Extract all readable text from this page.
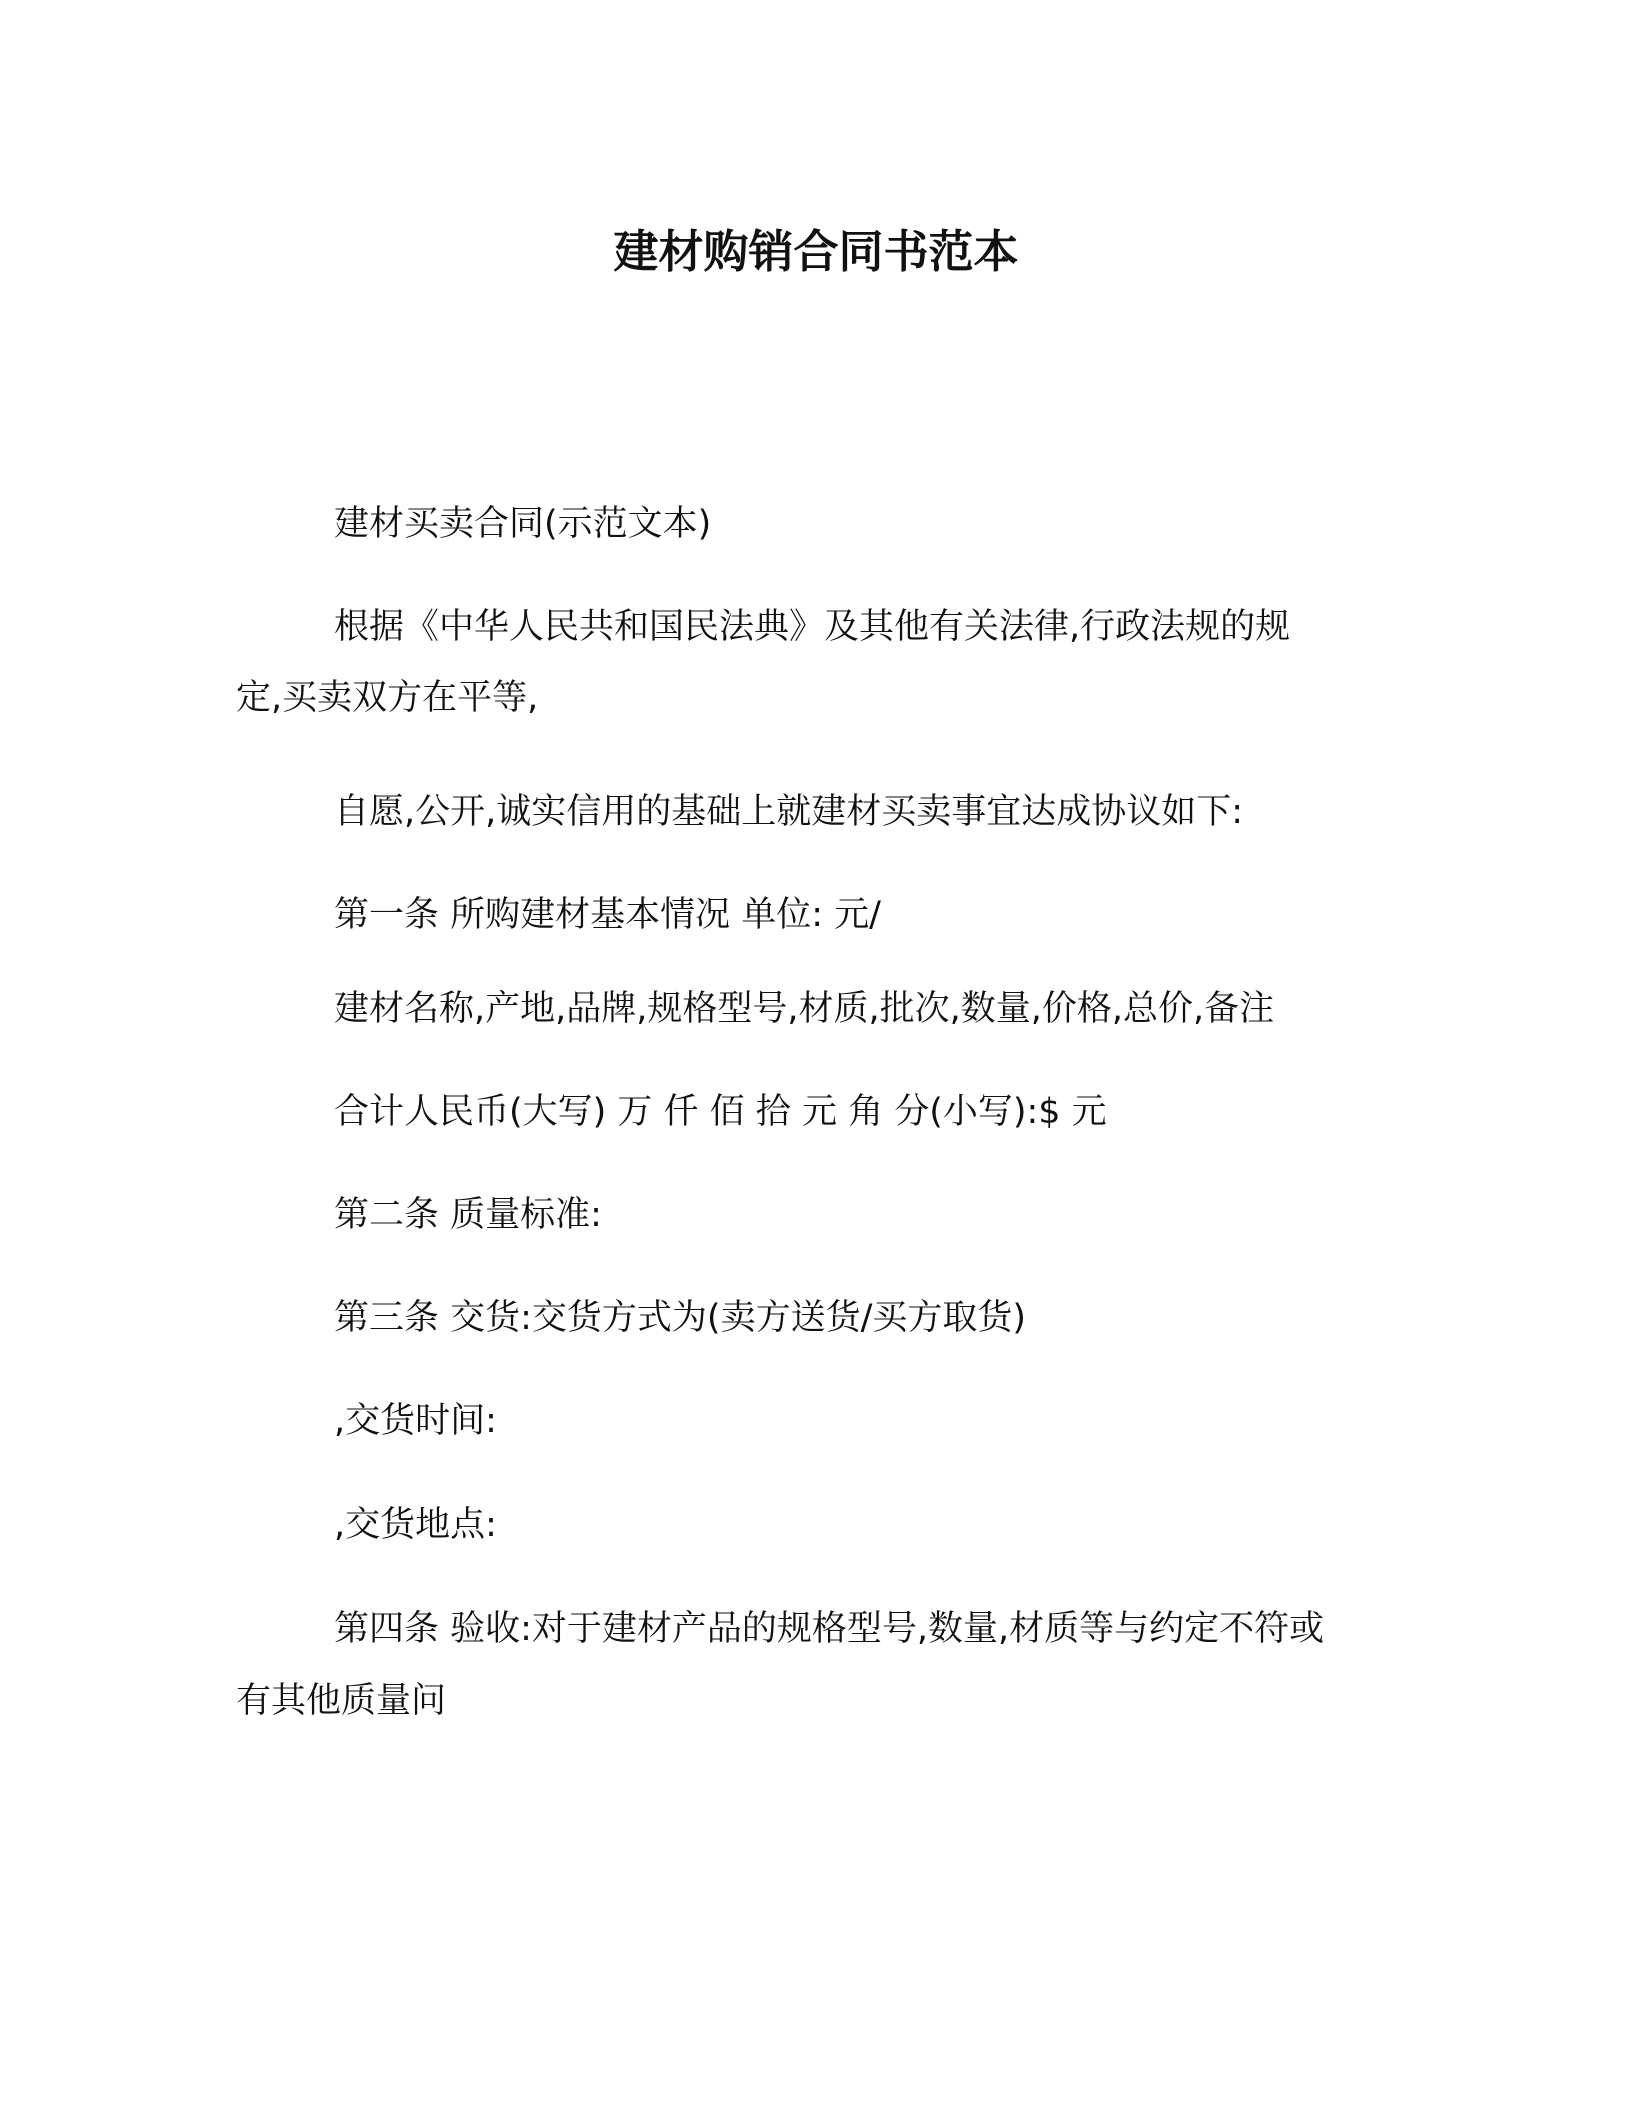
建材购销合同书范本
建材买卖合同(示范文本)
根据《中华人民共和国民法典》及其他有关法律,行政法规的规
定,买卖双方在平等,
自愿,公开,诚实信用的基础上就建材买卖事宜达成协议如下:
第一条 所购建材基本情况 单位: 元/
建材名称,产地,品牌,规格型号,材质,批次,数量,价格,总价,备注
合计人民币(大写) 万 仟 佰 拾 元 角 分(小写):$ 元
第二条 质量标准:
第三条 交货:交货方式为(卖方送货/买方取货)
,交货时间:
,交货地点:
第四条 验收:对于建材产品的规格型号,数量,材质等与约定不符或
有其他质量问
